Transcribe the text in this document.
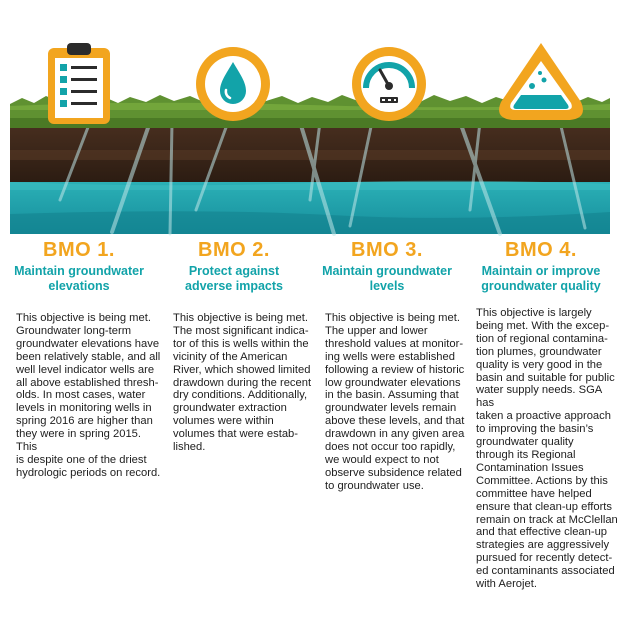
BMO 1.
Maintain groundwater
elevations
This objective is being met.
Groundwater long-term
groundwater elevations have
been relatively stable, and all
well level indicator wells are
all above established thresh-
olds. In most cases, water
levels in monitoring wells in
spring 2016 are higher than
they were in spring 2015. This
is despite one of the driest
hydrologic periods on record.
BMO 2.
Protect against
adverse impacts
This objective is being met.
The most significant indica-
tor of this is wells within the
vicinity of the American
River, which showed limited
drawdown during the recent
dry conditions. Additionally,
groundwater extraction
volumes were within
volumes that were estab-
lished.
BMO 3.
Maintain groundwater
levels
This objective is being met.
The upper and lower
threshold values at monitor-
ing wells were established
following a review of historic
low groundwater elevations
in the basin. Assuming that
groundwater levels remain
above these levels, and that
drawdown in any given area
does not occur too rapidly,
we would expect to not
observe subsidence related
to groundwater use.
BMO 4.
Maintain or improve
groundwater quality
This objective is largely
being met. With the excep-
tion of regional contamina-
tion plumes, groundwater
quality is very good in the
basin and suitable for public
water supply needs. SGA has
taken a proactive approach
to improving the basin’s
groundwater quality
through its Regional
Contamination Issues
Committee. Actions by this
committee have helped
ensure that clean-up efforts
remain on track at McClellan
and that effective clean-up
strategies are aggressively
pursued for recently detect-
ed contaminants associated
with Aerojet.
